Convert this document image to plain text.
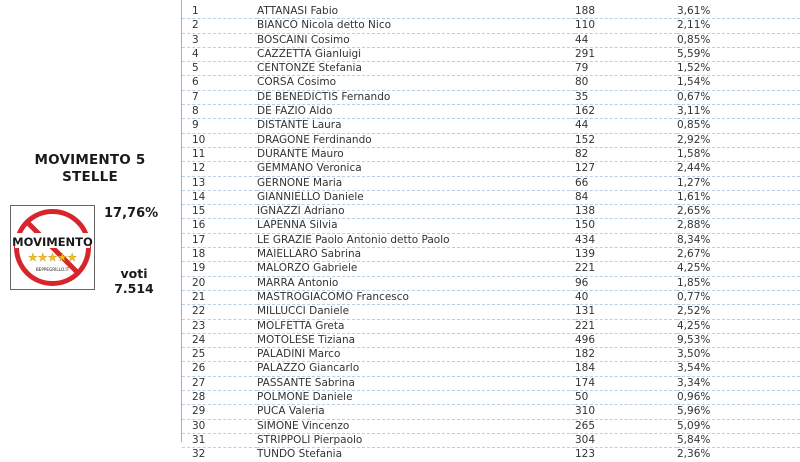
MOVIMENTO 5
STELLE
MOVIMENTO
★★★★★
BEPPEGRILLO.IT
17,76%
voti
7.514
1	ATTANASI Fabio	188	3,61%
2	BIANCO Nicola detto Nico	110	2,11%
3	BOSCAINI Cosimo	44	0,85%
4	CAZZETTA Gianluigi	291	5,59%
5	CENTONZE Stefania	79	1,52%
6	CORSA Cosimo	80	1,54%
7	DE BENEDICTIS Fernando	35	0,67%
8	DE FAZIO Aldo	162	3,11%
9	DISTANTE Laura	44	0,85%
10	DRAGONE Ferdinando	152	2,92%
11	DURANTE Mauro	82	1,58%
12	GEMMANO Veronica	127	2,44%
13	GERNONE Maria	66	1,27%
14	GIANNIELLO Daniele	84	1,61%
15	IGNAZZI Adriano	138	2,65%
16	LAPENNA Silvia	150	2,88%
17	LE GRAZIE Paolo Antonio detto Paolo	434	8,34%
18	MAIELLARO Sabrina	139	2,67%
19	MALORZO Gabriele	221	4,25%
20	MARRA Antonio	96	1,85%
21	MASTROGIACOMO Francesco	40	0,77%
22	MILLUCCI Daniele	131	2,52%
23	MOLFETTA Greta	221	4,25%
24	MOTOLESE Tiziana	496	9,53%
25	PALADINI Marco	182	3,50%
26	PALAZZO Giancarlo	184	3,54%
27	PASSANTE Sabrina	174	3,34%
28	POLMONE Daniele	50	0,96%
29	PUCA Valeria	310	5,96%
30	SIMONE Vincenzo	265	5,09%
31	STRIPPOLI Pierpaolo	304	5,84%
32	TUNDO Stefania	123	2,36%
